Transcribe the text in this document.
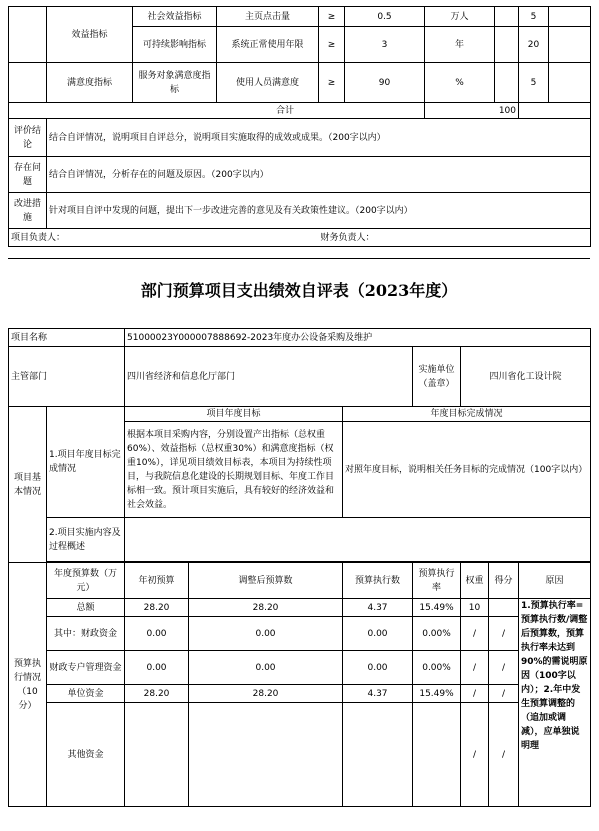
	效益指标	社会效益指标	主页点击量	≥	0.5	万人		5	
		可持续影响指标	系统正常使用年限	≥	3	年		20	
	满意度指标	服务对象满意度指标	使用人员满意度	≥	90	%		5	
合计						100			
评价结论	结合自评情况，说明项目自评总分，说明项目实施取得的成效或成果。（200字以内）								
存在问题	结合自评情况，分析存在的问题及原因。（200字以内）								
改进措施	针对项目自评中发现的问题，提出下一步改进完善的意见及有关政策性建议。（200字以内）								
项目负责人：				财务负责人：					
部门预算项目支出绩效自评表（2023年度）
项目名称		51000023Y000007888692-2023年度办公设备采购及维护						
主管部门		四川省经济和信息化厅部门			实施单位（盖章）	四川省化工设计院		
项目基本情况	1.项目年度目标完成情况	项目年度目标		年度目标完成情况				
		根据本项目采购内容，分别设置产出指标（总权重60%）、效益指标（总权重30%）和满意度指标（权重10%），详见项目绩效目标表，本项目为持续性项目，与我院信息化建设的长期规划目标、年度工作目标相一致。预计项目实施后，具有较好的经济效益和社会效益。		对照年度目标，说明相关任务目标的完成情况（100字以内）				
	2.项目实施内容及过程概述							

预算执行情况（10分）	年度预算数（万元）	年初预算	调整后预算数	预算执行数	预算执行率	权重	得分	原因
	总额	28.20	28.20	4.37	15.49%	10		1.预算执行率=预算执行数/调整后预算数，预算执行率未达到90%的需说明原因（100字以内）；2.年中发生预算调整的（追加或调减），应单独说明理
	其中：财政资金	0.00	0.00	0.00	0.00%	/	/	
	财政专户管理资金	0.00	0.00	0.00	0.00%	/	/	
	单位资金	28.20	28.20	4.37	15.49%	/	/	
	其他资金					/	/	
